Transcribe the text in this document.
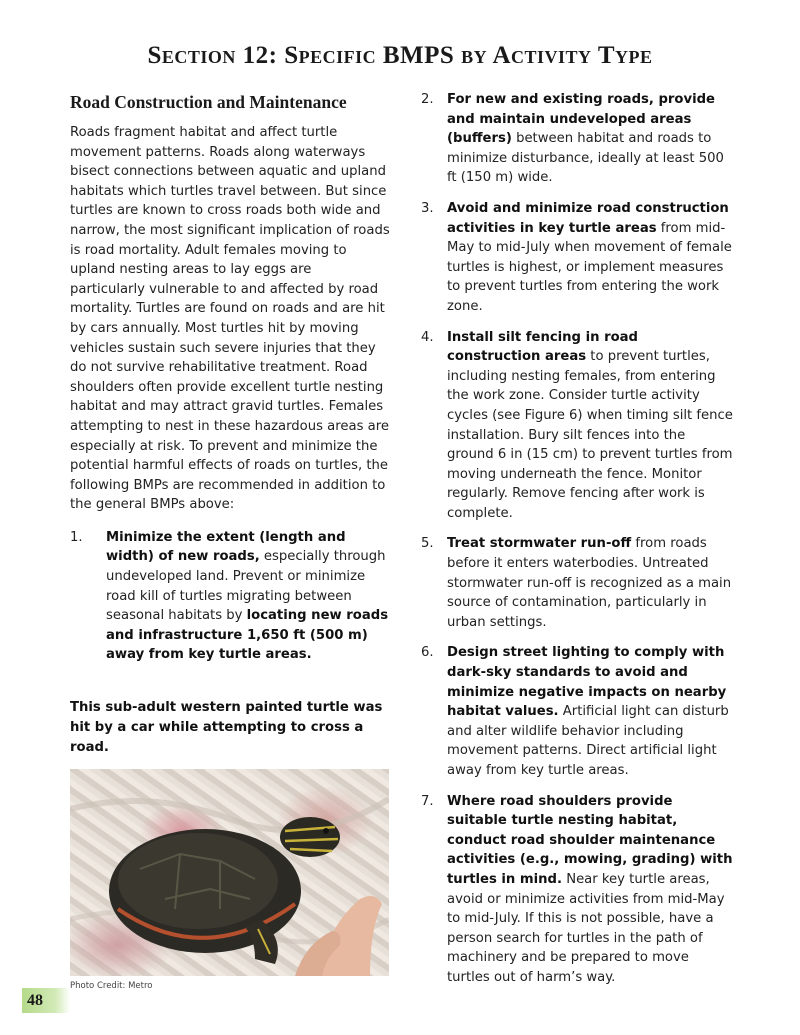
Section 12: Specific BMPS by Activity Type
Road Construction and Maintenance

Roads fragment habitat and affect turtle movement patterns. Roads along waterways bisect connections between aquatic and upland habitats which turtles travel between. But since turtles are known to cross roads both wide and narrow, the most significant implication of roads is road mortality. Adult females moving to upland nesting areas to lay eggs are particularly vulnerable to and affected by road mortality. Turtles are found on roads and are hit by cars annually. Most turtles hit by moving vehicles sustain such severe injuries that they do not survive rehabilitative treatment. Road shoulders often provide excellent turtle nesting habitat and may attract gravid turtles. Females attempting to nest in these hazardous areas are especially at risk. To prevent and minimize the potential harmful effects of roads on turtles, the following BMPs are recommended in addition to the general BMPs above:

1. Minimize the extent (length and width) of new roads, especially through undeveloped land. Prevent or minimize road kill of turtles migrating between seasonal habitats by locating new roads and infrastructure 1,650 ft (500 m) away from key turtle areas.

This sub-adult western painted turtle was hit by a car while attempting to cross a road.

Photo Credit: Metro
2. For new and existing roads, provide and maintain undeveloped areas (buffers) between habitat and roads to minimize disturbance, ideally at least 500 ft (150 m) wide.
3. Avoid and minimize road construction activities in key turtle areas from mid-May to mid-July when movement of female turtles is highest, or implement measures to prevent turtles from entering the work zone.
4. Install silt fencing in road construction areas to prevent turtles, including nesting females, from entering the work zone. Consider turtle activity cycles (see Figure 6) when timing silt fence installation. Bury silt fences into the ground 6 in (15 cm) to prevent turtles from moving underneath the fence. Monitor regularly. Remove fencing after work is complete.
5. Treat stormwater run-off from roads before it enters waterbodies. Untreated stormwater run-off is recognized as a main source of contamination, particularly in urban settings.
6. Design street lighting to comply with dark-sky standards to avoid and minimize negative impacts on nearby habitat values. Artificial light can disturb and alter wildlife behavior including movement patterns. Direct artificial light away from key turtle areas.
7. Where road shoulders provide suitable turtle nesting habitat, conduct road shoulder maintenance activities (e.g., mowing, grading) with turtles in mind. Near key turtle areas, avoid or minimize activities from mid-May to mid-July. If this is not possible, have a person search for turtles in the path of machinery and be prepared to move turtles out of harm’s way.
48
